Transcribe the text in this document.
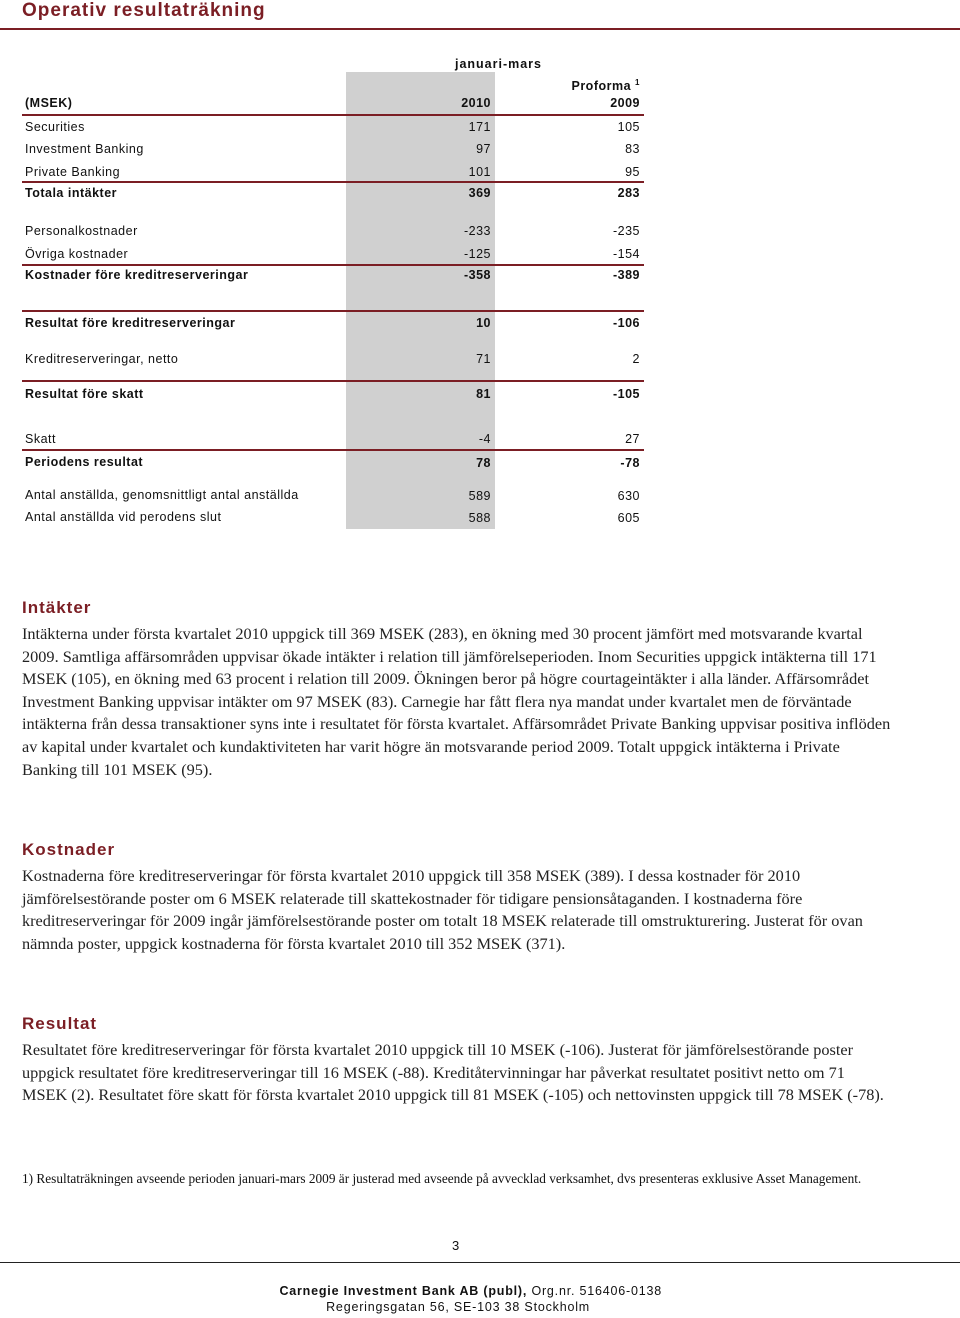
Operativ resultaträkning
januari-mars
Proforma $^1$
(MSEK)	2010	2009
Securities	171	105
Investment Banking	97	83
Private Banking	101	95
Totala intäkter	369	283
Personalkostnader	-233	-235
Övriga kostnader	-125	-154
Kostnader före kreditreserveringar	-358	-389
Resultat före kreditreserveringar	10	-106
Kreditreserveringar, netto	71	2
Resultat före skatt	81	-105
Skatt	-4	27
Periodens resultat	78	-78
Antal anställda, genomsnittligt antal anställda	589	630
Antal anställda vid perodens slut	588	605
Intäkter
Intäkterna under första kvartalet 2010 uppgick till 369 MSEK (283), en ökning med 30 procent jämfört med motsvarande kvartal 2009. Samtliga affärsområden uppvisar ökade intäkter i relation till jämförelseperioden. Inom Securities uppgick intäkterna till 171 MSEK (105), en ökning med 63 procent i relation till 2009. Ökningen beror på högre courtageintäkter i alla länder. Affärsområdet Investment Banking uppvisar intäkter om 97 MSEK (83). Carnegie har fått flera nya mandat under kvartalet men de förväntade intäkterna från dessa transaktioner syns inte i resultatet för första kvartalet. Affärsområdet Private Banking uppvisar positiva inflöden av kapital under kvartalet och kundaktiviteten har varit högre än motsvarande period 2009. Totalt uppgick intäkterna i Private Banking till 101 MSEK (95).
Kostnader
Kostnaderna före kreditreserveringar för första kvartalet 2010 uppgick till 358 MSEK (389). I dessa kostnader för 2010 jämförelsestörande poster om 6 MSEK relaterade till skattekostnader för tidigare pensionsåtaganden. I kostnaderna före kreditreserveringar för 2009 ingår jämförelsestörande poster om totalt 18 MSEK relaterade till omstrukturering. Justerat för ovan nämnda poster, uppgick kostnaderna för första kvartalet 2010 till 352 MSEK (371).
Resultat
Resultatet före kreditreserveringar för första kvartalet 2010 uppgick till 10 MSEK (-106). Justerat för jämförelsestörande poster uppgick resultatet före kreditreserveringar till 16 MSEK (-88). Kreditåtervinningar har påverkat resultatet positivt netto om 71 MSEK (2). Resultatet före skatt för första kvartalet 2010 uppgick till 81 MSEK (-105) och nettovinsten uppgick till 78 MSEK (-78).
1) Resultaträkningen avseende perioden januari-mars 2009 är justerad med avseende på avvecklad verksamhet, dvs presenteras exklusive Asset Management.
3
Carnegie Investment Bank AB (publ), Org.nr. 516406-0138
Regeringsgatan 56, SE-103 38 Stockholm
